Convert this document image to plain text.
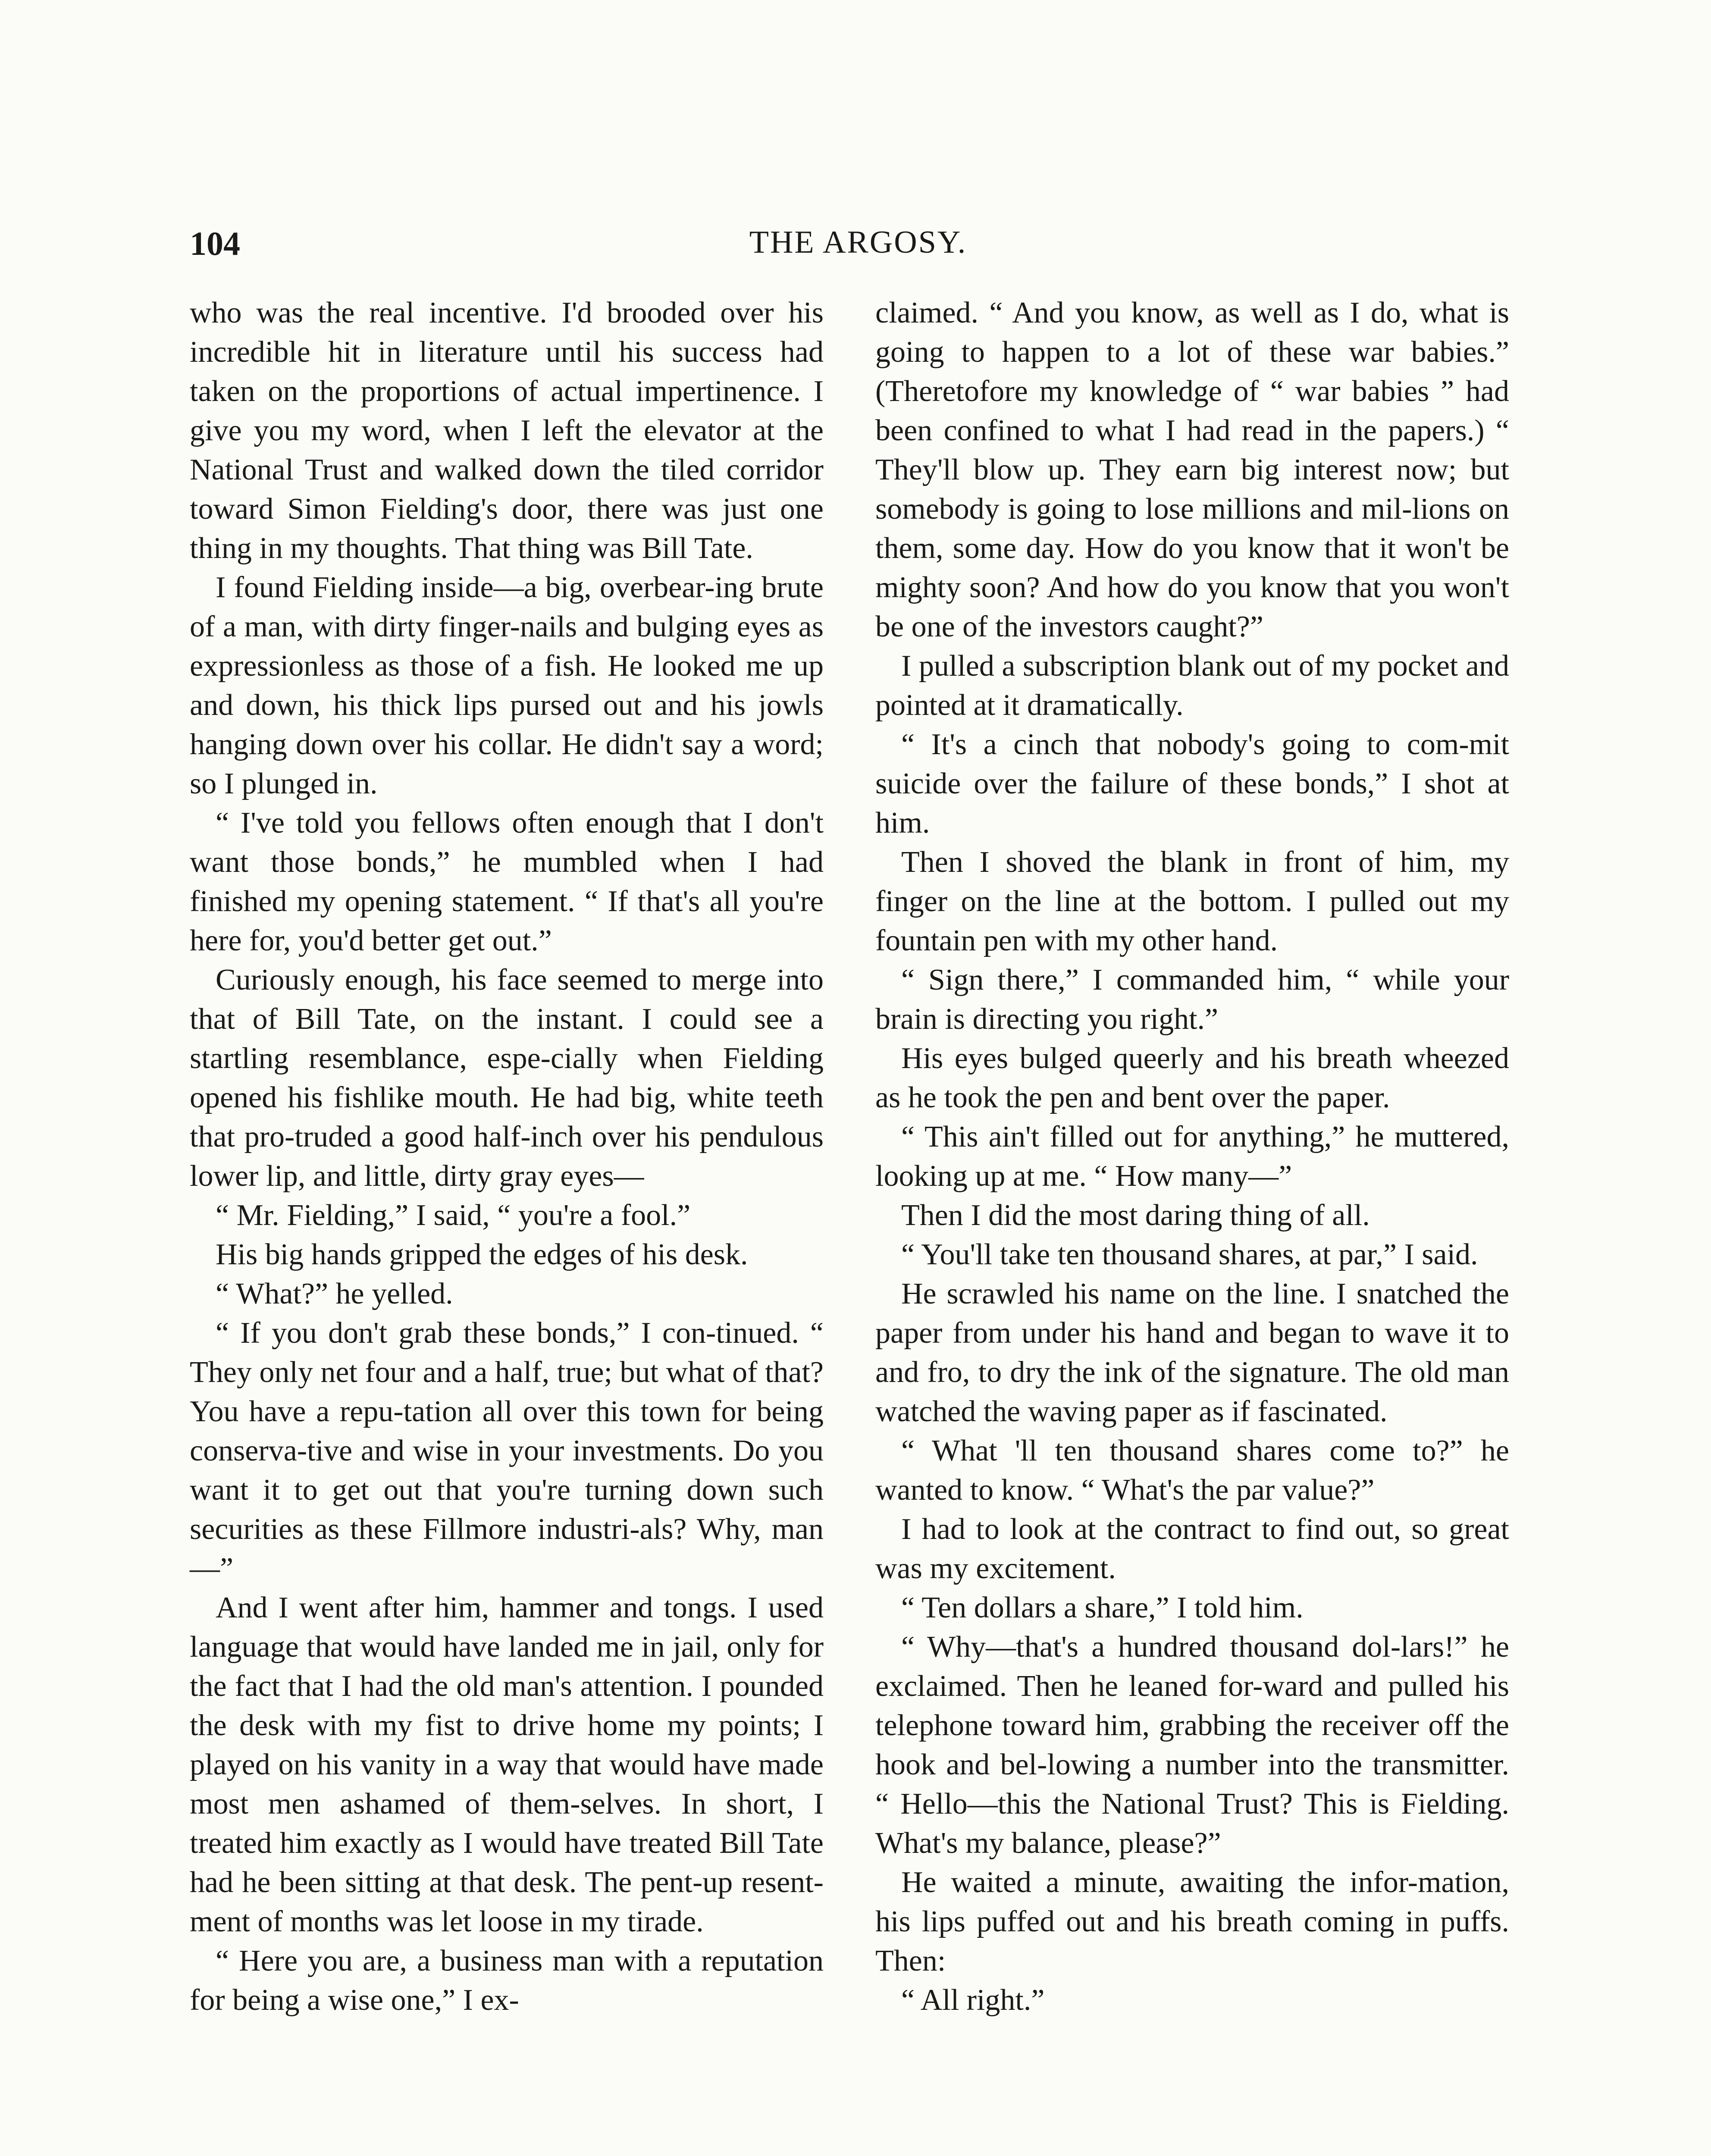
104	THE ARGOSY.

who was the real incentive. I'd brooded over his incredible hit in literature until his success had taken on the proportions of actual impertinence. I give you my word, when I left the elevator at the National Trust and walked down the tiled corridor toward Simon Fielding's door, there was just one thing in my thoughts. That thing was Bill Tate.

I found Fielding inside—a big, overbear-ing brute of a man, with dirty finger-nails and bulging eyes as expressionless as those of a fish. He looked me up and down, his thick lips pursed out and his jowls hanging down over his collar. He didn't say a word; so I plunged in.

“ I've told you fellows often enough that I don't want those bonds,” he mumbled when I had finished my opening statement. “ If that's all you're here for, you'd better get out.”

Curiously enough, his face seemed to merge into that of Bill Tate, on the instant. I could see a startling resemblance, espe-cially when Fielding opened his fishlike mouth. He had big, white teeth that pro-truded a good half-inch over his pendulous lower lip, and little, dirty gray eyes—

“ Mr. Fielding,” I said, “ you're a fool.”

His big hands gripped the edges of his desk.

“ What?” he yelled.

“ If you don't grab these bonds,” I con-tinued. “ They only net four and a half, true; but what of that? You have a repu-tation all over this town for being conserva-tive and wise in your investments. Do you want it to get out that you're turning down such securities as these Fillmore industri-als? Why, man—”

And I went after him, hammer and tongs. I used language that would have landed me in jail, only for the fact that I had the old man's attention. I pounded the desk with my fist to drive home my points; I played on his vanity in a way that would have made most men ashamed of them-selves. In short, I treated him exactly as I would have treated Bill Tate had he been sitting at that desk. The pent-up resent-ment of months was let loose in my tirade.

“ Here you are, a business man with a reputation for being a wise one,” I ex-

claimed. “ And you know, as well as I do, what is going to happen to a lot of these war babies.” (Theretofore my knowledge of “ war babies ” had been confined to what I had read in the papers.) “ They'll blow up. They earn big interest now; but somebody is going to lose millions and mil-lions on them, some day. How do you know that it won't be mighty soon? And how do you know that you won't be one of the investors caught?”

I pulled a subscription blank out of my pocket and pointed at it dramatically.

“ It's a cinch that nobody's going to com-mit suicide over the failure of these bonds,” I shot at him.

Then I shoved the blank in front of him, my finger on the line at the bottom. I pulled out my fountain pen with my other hand.

“ Sign there,” I commanded him, “ while your brain is directing you right.”

His eyes bulged queerly and his breath wheezed as he took the pen and bent over the paper.

“ This ain't filled out for anything,” he muttered, looking up at me. “ How many—”

Then I did the most daring thing of all.

“ You'll take ten thousand shares, at par,” I said.

He scrawled his name on the line. I snatched the paper from under his hand and began to wave it to and fro, to dry the ink of the signature. The old man watched the waving paper as if fascinated.

“ What 'll ten thousand shares come to?” he wanted to know. “ What's the par value?”

I had to look at the contract to find out, so great was my excitement.

“ Ten dollars a share,” I told him.

“ Why—that's a hundred thousand dol-lars!” he exclaimed. Then he leaned for-ward and pulled his telephone toward him, grabbing the receiver off the hook and bel-lowing a number into the transmitter. “ Hello—this the National Trust? This is Fielding. What's my balance, please?”

He waited a minute, awaiting the infor-mation, his lips puffed out and his breath coming in puffs. Then:

“ All right.”
